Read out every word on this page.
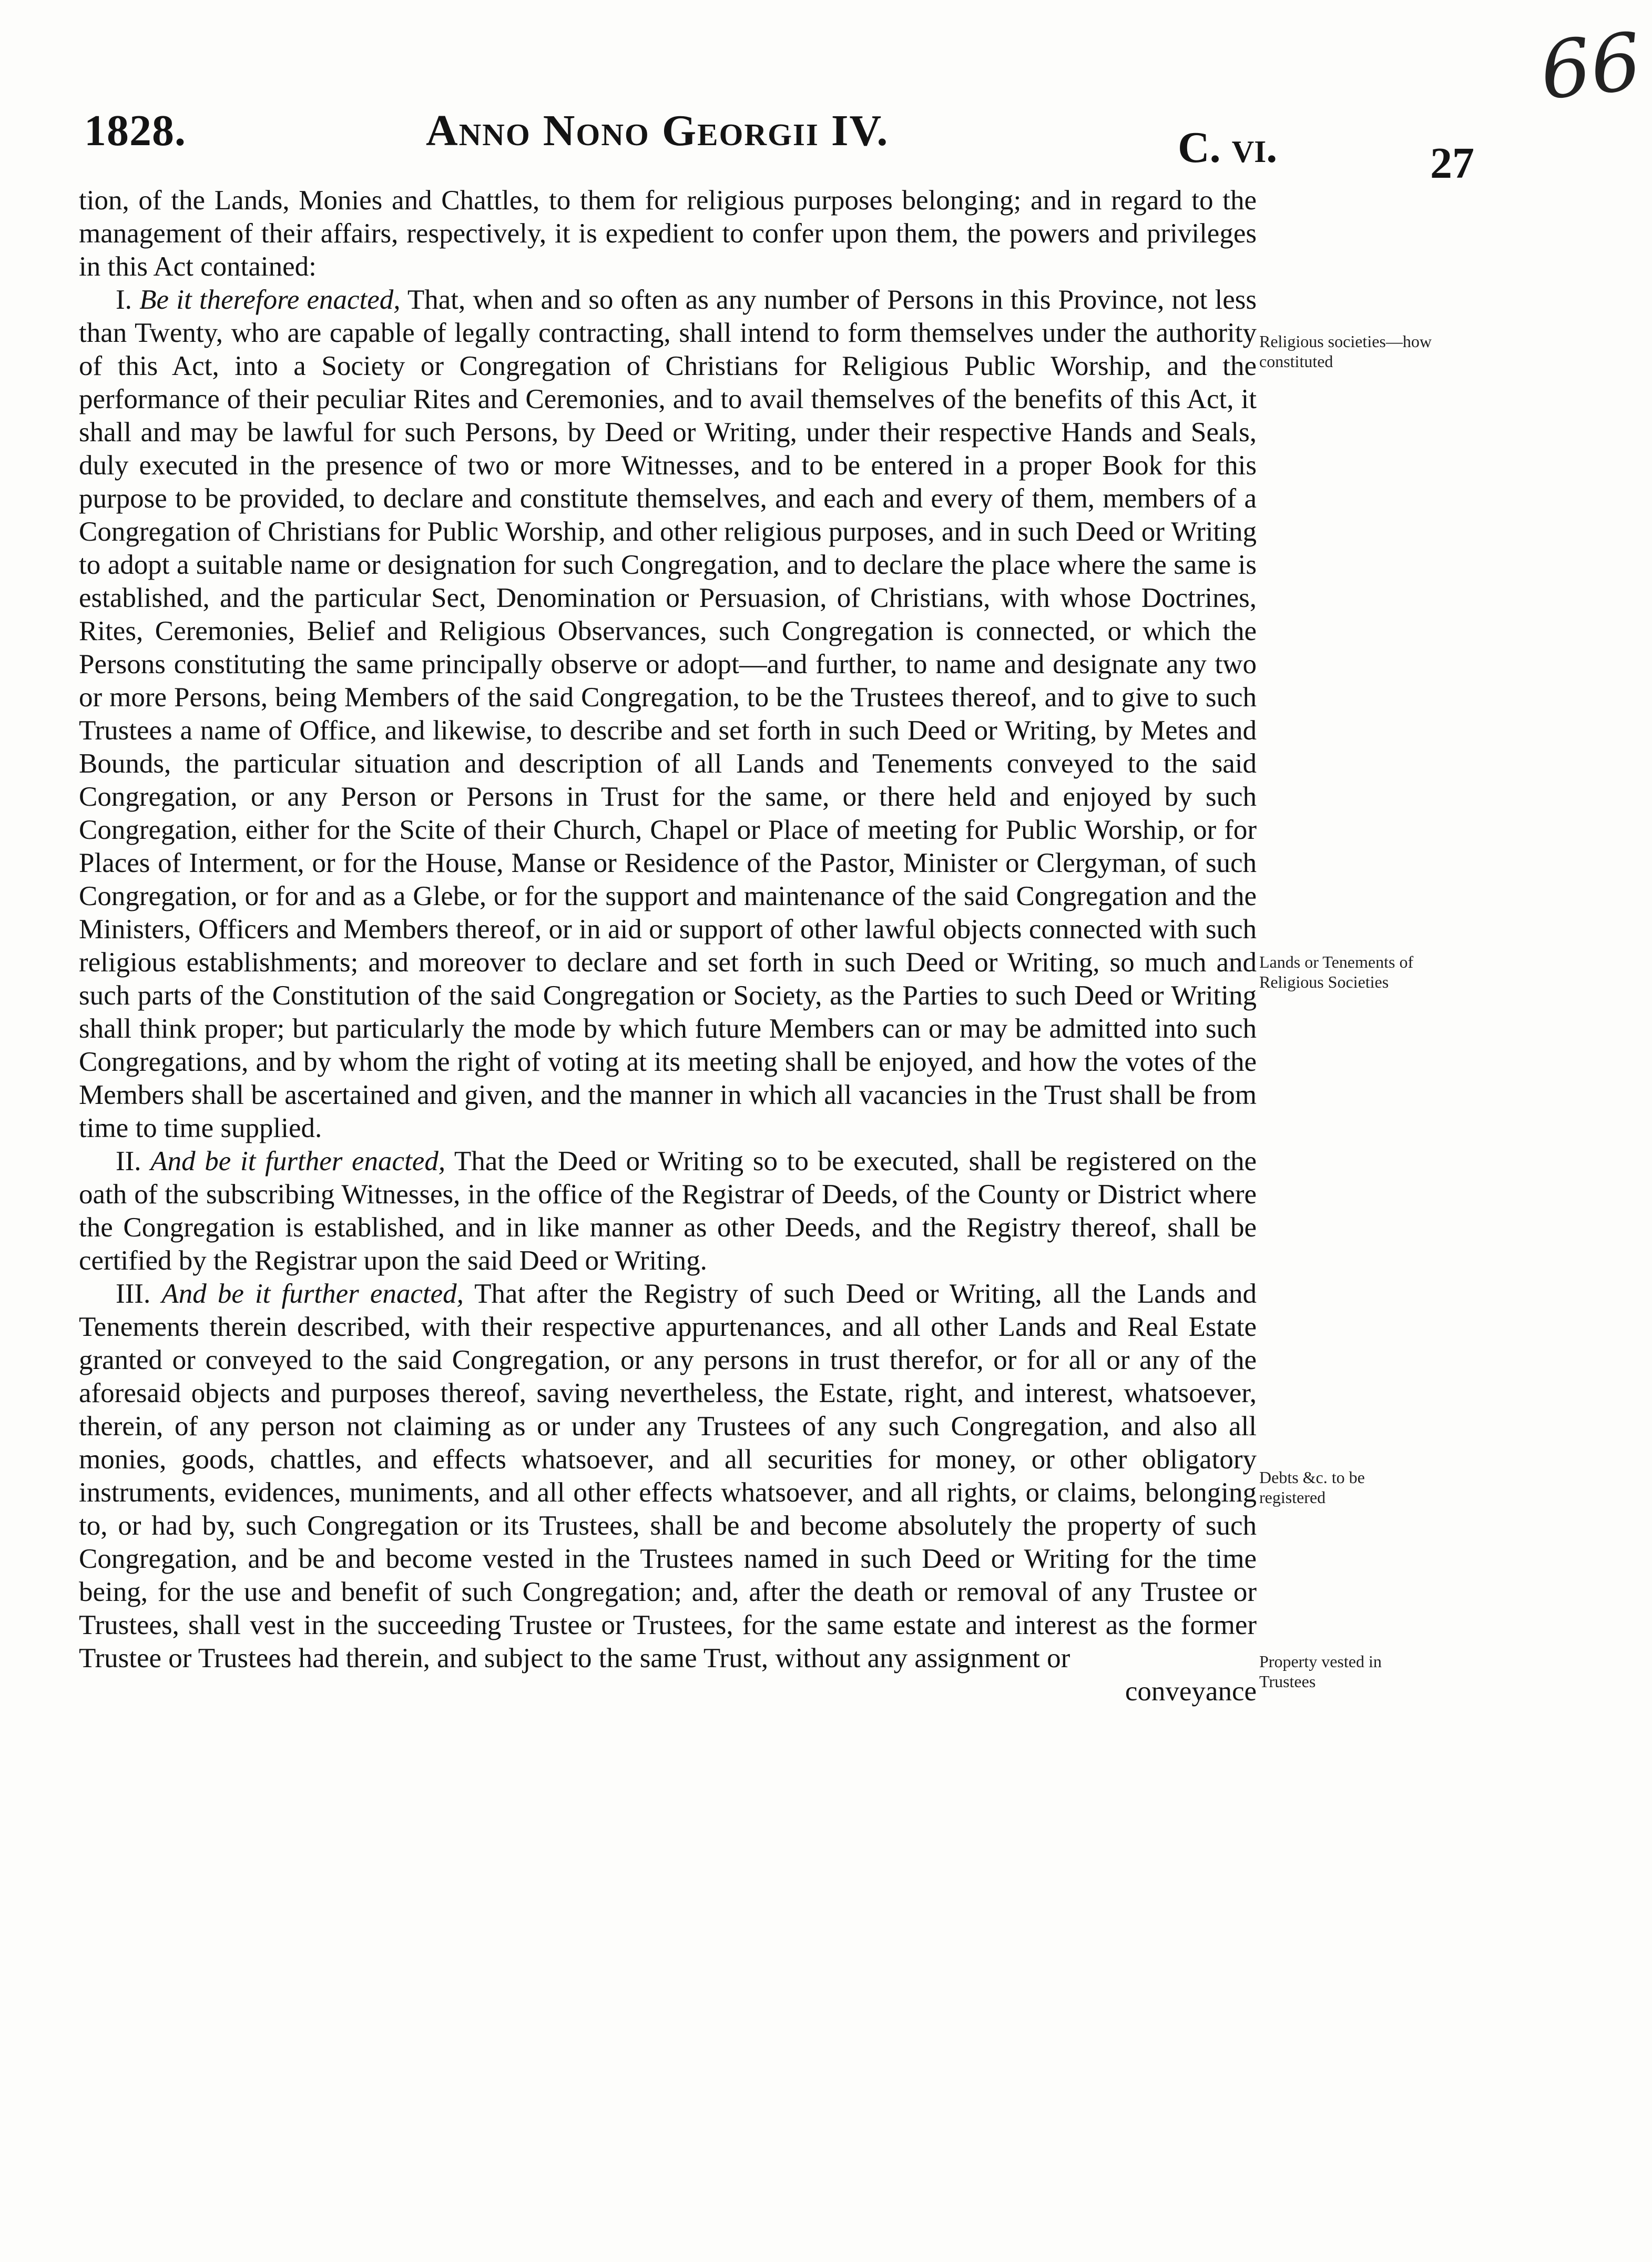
66
1828.	Anno Nono Georgii IV.	C. vi.	27

tion, of the Lands, Monies and Chattles, to them for religious purposes belonging; and in regard to the management of their affairs, respectively, it is expedient to confer upon them, the powers and privileges in this Act contained:

I. Be it therefore enacted, That, when and so often as any number of Persons in this Province, not less than Twenty, who are capable of legally contracting, shall intend to form themselves under the authority of this Act, into a Society or Congregation of Christians for Religious Public Worship, and the performance of their peculiar Rites and Ceremonies, and to avail themselves of the benefits of this Act, it shall and may be lawful for such Persons, by Deed or Writing, under their respective Hands and Seals, duly executed in the presence of two or more Witnesses, and to be entered in a proper Book for this purpose to be provided, to declare and constitute themselves, and each and every of them, members of a Congregation of Christians for Public Worship, and other religious purposes, and in such Deed or Writing to adopt a suitable name or designation for such Congregation, and to declare the place where the same is established, and the particular Sect, Denomination or Persuasion, of Christians, with whose Doctrines, Rites, Ceremonies, Belief and Religious Observances, such Congregation is connected, or which the Persons constituting the same principally observe or adopt—and further, to name and designate any two or more Persons, being Members of the said Congregation, to be the Trustees thereof, and to give to such Trustees a name of Office, and likewise, to describe and set forth in such Deed or Writing, by Metes and Bounds, the particular situation and description of all Lands and Tenements conveyed to the said Congregation, or any Person or Persons in Trust for the same, or there held and enjoyed by such Congregation, either for the Scite of their Church, Chapel or Place of meeting for Public Worship, or for Places of Interment, or for the House, Manse or Residence of the Pastor, Minister or Clergyman, of such Congregation, or for and as a Glebe, or for the support and maintenance of the said Congregation and the Ministers, Officers and Members thereof, or in aid or support of other lawful objects connected with such religious establishments; and moreover to declare and set forth in such Deed or Writing, so much and such parts of the Constitution of the said Congregation or Society, as the Parties to such Deed or Writing shall think proper; but particularly the mode by which future Members can or may be admitted into such Congregations, and by whom the right of voting at its meeting shall be enjoyed, and how the votes of the Members shall be ascertained and given, and the manner in which all vacancies in the Trust shall be from time to time supplied.

II. And be it further enacted, That the Deed or Writing so to be executed, shall be registered on the oath of the subscribing Witnesses, in the office of the Registrar of Deeds, of the County or District where the Congregation is established, and in like manner as other Deeds, and the Registry thereof, shall be certified by the Registrar upon the said Deed or Writing.

III. And be it further enacted, That after the Registry of such Deed or Writing, all the Lands and Tenements therein described, with their respective appurtenances, and all other Lands and Real Estate granted or conveyed to the said Congregation, or any persons in trust therefor, or for all or any of the aforesaid objects and purposes thereof, saving nevertheless, the Estate, right, and interest, whatsoever, therein, of any person not claiming as or under any Trustees of any such Congregation, and also all monies, goods, chattles, and effects whatsoever, and all securities for money, or other obligatory instruments, evidences, muniments, and all other effects whatsoever, and all rights, or claims, belonging to, or had by, such Congregation or its Trustees, shall be and become absolutely the property of such Congregation, and be and become vested in the Trustees named in such Deed or Writing for the time being, for the use and benefit of such Congregation; and, after the death or removal of any Trustee or Trustees, shall vest in the succeeding Trustee or Trustees, for the same estate and interest as the former Trustee or Trustees had therein, and subject to the same Trust, without any assignment or

conveyance

Religious societies—how constituted
Lands or Tenements of Religious Societies
Debts &c. to be registered
Property vested in Trustees
